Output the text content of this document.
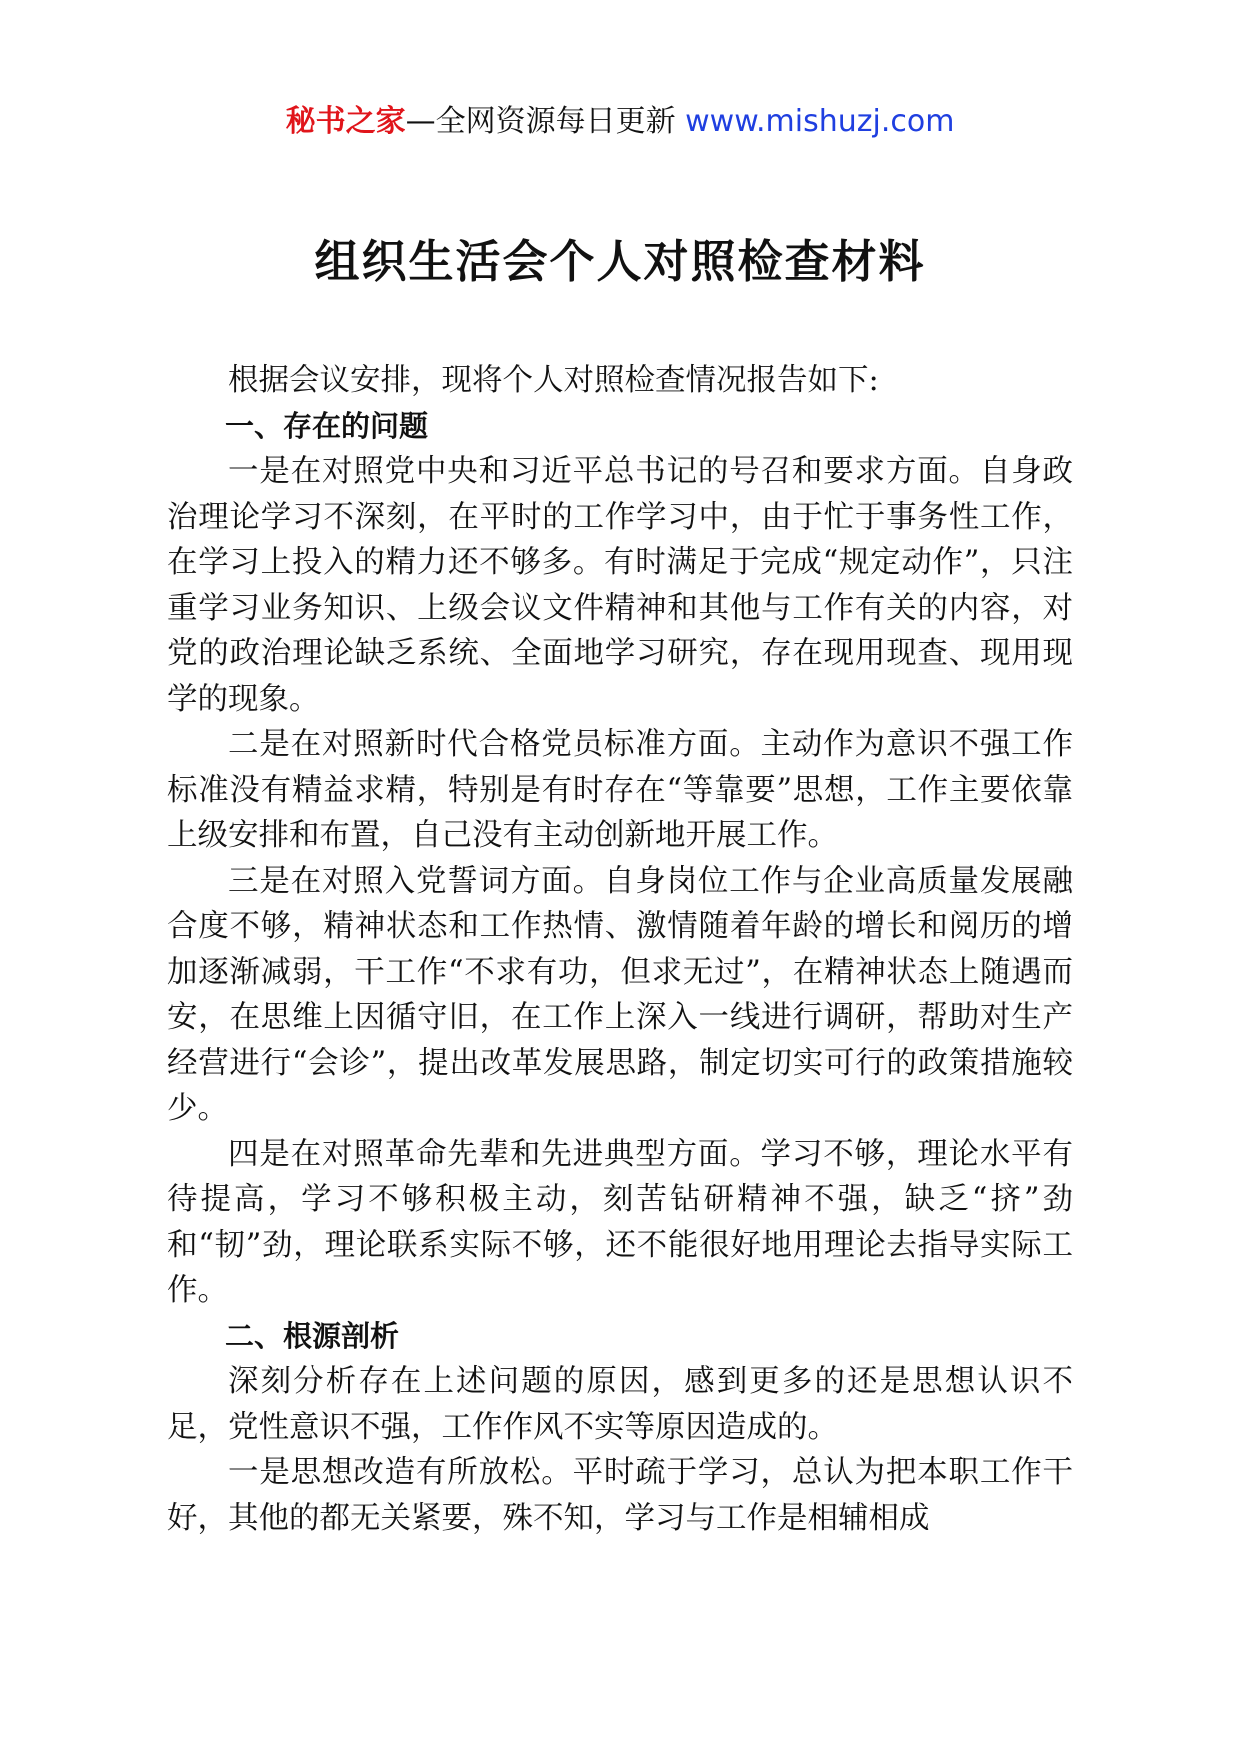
秘书之家—全网资源每日更新 www.mishuzj.com
组织生活会个人对照检查材料

根据会议安排，现将个人对照检查情况报告如下:

一、存在的问题

一是在对照党中央和习近平总书记的号召和要求方面。自身政治理论学习不深刻，在平时的工作学习中，由于忙于事务性工作，在学习上投入的精力还不够多。有时满足于完成“规定动作”，只注重学习业务知识、上级会议文件精神和其他与工作有关的内容，对党的政治理论缺乏系统、全面地学习研究，存在现用现查、现用现学的现象。

二是在对照新时代合格党员标准方面。主动作为意识不强工作标准没有精益求精，特别是有时存在“等靠要”思想，工作主要依靠上级安排和布置，自己没有主动创新地开展工作。

三是在对照入党誓词方面。自身岗位工作与企业高质量发展融合度不够，精神状态和工作热情、激情随着年龄的增长和阅历的增加逐渐减弱，干工作“不求有功，但求无过”，在精神状态上随遇而安，在思维上因循守旧，在工作上深入一线进行调研，帮助对生产经营进行“会诊”，提出改革发展思路，制定切实可行的政策措施较少。

四是在对照革命先辈和先进典型方面。学习不够，理论水平有待提高，学习不够积极主动，刻苦钻研精神不强，缺乏“挤”劲和“韧”劲，理论联系实际不够，还不能很好地用理论去指导实际工作。

二、根源剖析

深刻分析存在上述问题的原因，感到更多的还是思想认识不足，党性意识不强，工作作风不实等原因造成的。

一是思想改造有所放松。平时疏于学习，总认为把本职工作干好，其他的都无关紧要，殊不知，学习与工作是相辅相成
